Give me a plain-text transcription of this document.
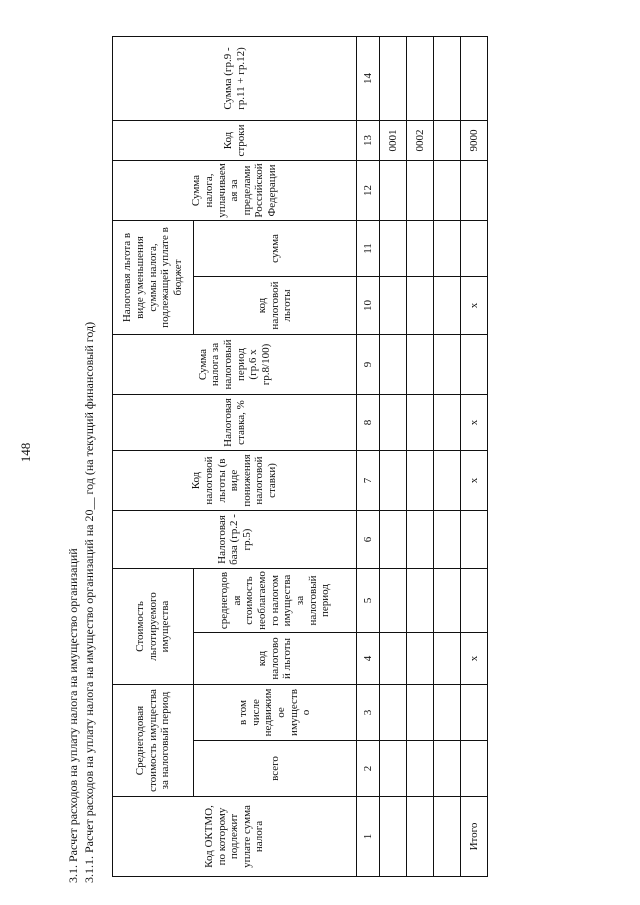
148
3.1. Расчет расходов на уплату налога на имущество организаций 3.1.1. Расчет расходов на уплату налога на имущество организаций на 20__ год (на текущий финансовый год)	Код ОКТМО, по которому подлежит уплате сумма налога	Среднегодовая стоимость имущества за налоговый период		Стоимость льготируемого имущества		Налоговая база (гр.2 - гр.5)	Код налоговой льготы (в виде понижения налоговой ставки)	Налоговая ставка, %	Сумма налога за налоговый период (гр.6 x гр.8/100)	Налоговая льгота в виде уменьшения суммы налога, подлежащей уплате в бюджет		Сумма налога, уплачиваемая за пределами Российской Федерации	Код строки	Сумма (гр.9 - гр.11 + гр.12)
	всего	в том числе недвижимое имущество	код налоговой льготы	среднегодовая стоимость необлагаемого налогом имущества за налоговый период					код налоговой льготы	сумма			
1	2	3	4	5	6	7	8	9	10	11	12	13	14
												0001	
												0002	

Итого			x			x	x		x			9000	
